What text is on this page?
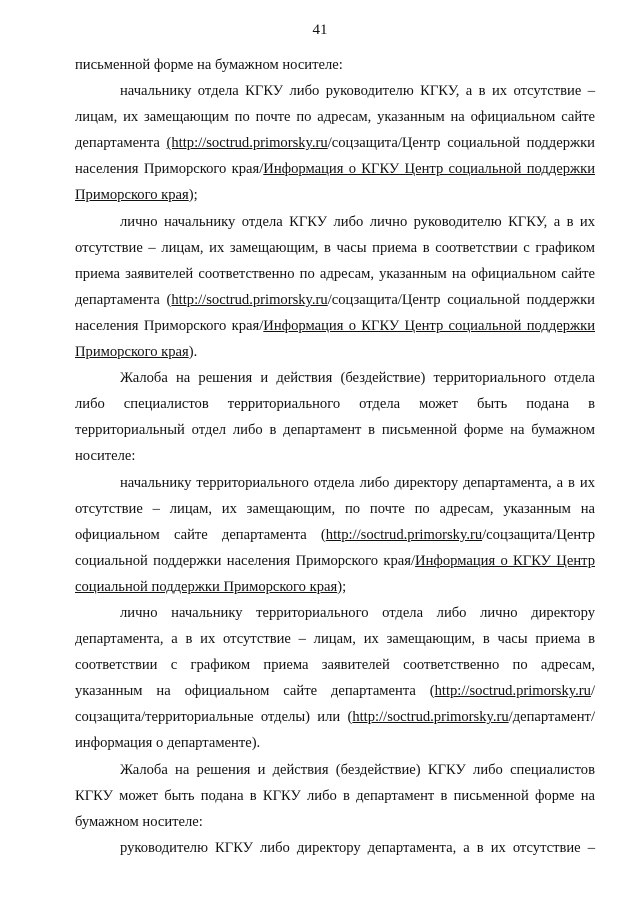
41

письменной форме на бумажном носителе:

начальнику отдела КГКУ либо руководителю КГКУ, а в их отсутствие – лицам, их замещающим по почте по адресам, указанным на официальном сайте департамента (http://soctrud.primorsky.ru/соцзащита/Центр социальной поддержки населения Приморского края/Информация о КГКУ Центр социальной поддержки Приморского края);

лично начальнику отдела КГКУ либо лично руководителю КГКУ, а в их отсутствие – лицам, их замещающим, в часы приема в соответствии с графиком приема заявителей соответственно по адресам, указанным на официальном сайте департамента (http://soctrud.primorsky.ru/соцзащита/Центр социальной поддержки населения Приморского края/Информация о КГКУ Центр социальной поддержки Приморского края).

Жалоба на решения и действия (бездействие) территориального отдела либо специалистов территориального отдела может быть подана в территориальный отдел либо в департамент в письменной форме на бумажном носителе:

начальнику территориального отдела либо директору департамента, а в их отсутствие – лицам, их замещающим, по почте по адресам, указанным на официальном сайте департамента (http://soctrud.primorsky.ru/соцзащита/Центр социальной поддержки населения Приморского края/Информация о КГКУ Центр социальной поддержки Приморского края);

лично начальнику территориального отдела либо лично директору департамента, а в их отсутствие – лицам, их замещающим, в часы приема в соответствии с графиком приема заявителей соответственно по адресам, указанным на официальном сайте департамента (http://soctrud.primorsky.ru/соцзащита/территориальные отделы) или (http://soctrud.primorsky.ru/департамент/информация о департаменте).

Жалоба на решения и действия (бездействие) КГКУ либо специалистов КГКУ может быть подана в КГКУ либо в департамент в письменной форме на бумажном носителе:

руководителю КГКУ либо директору департамента, а в их отсутствие –
